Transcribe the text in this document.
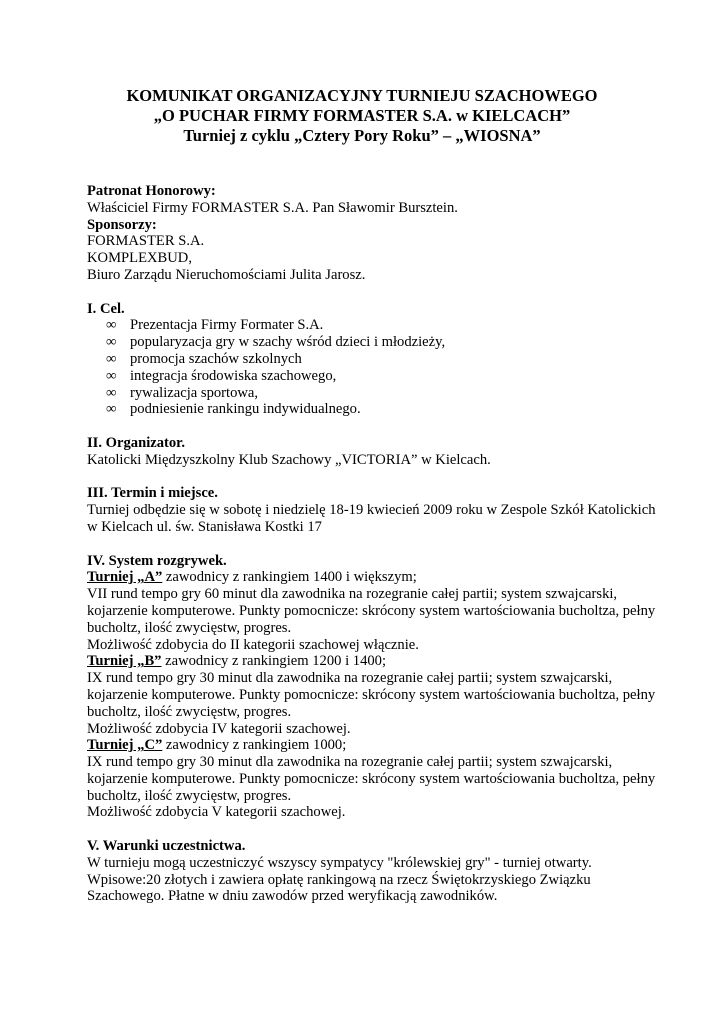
KOMUNIKAT ORGANIZACYJNY TURNIEJU SZACHOWEGO
„O PUCHAR FIRMY FORMASTER S.A. w KIELCACH”
Turniej z cyklu „Cztery Pory Roku” – „WIOSNA”
Patronat Honorowy:
Właściciel Firmy FORMASTER S.A. Pan Sławomir Bursztein.
Sponsorzy:
FORMASTER S.A.
KOMPLEXBUD,
Biuro Zarządu Nieruchomościami Julita Jarosz.
I. Cel.
∞ Prezentacja Firmy Formater S.A.
∞ popularyzacja gry w szachy wśród dzieci i młodzieży,
∞ promocja szachów szkolnych
∞ integracja środowiska szachowego,
∞ rywalizacja sportowa,
∞ podniesienie rankingu indywidualnego.
II. Organizator.
Katolicki Międzyszkolny Klub Szachowy „VICTORIA” w Kielcach.
III. Termin i miejsce.
Turniej odbędzie się w sobotę i niedzielę 18-19 kwiecień 2009 roku w Zespole Szkół Katolickich
w Kielcach ul. św. Stanisława Kostki 17
IV. System rozgrywek.
Turniej „A” zawodnicy z rankingiem 1400 i większym;
VII rund tempo gry 60 minut dla zawodnika na rozegranie całej partii; system szwajcarski,
kojarzenie komputerowe. Punkty pomocnicze: skrócony system wartościowania bucholtza, pełny
bucholtz, ilość zwycięstw, progres.
Możliwość zdobycia do II kategorii szachowej włącznie.
Turniej „B” zawodnicy z rankingiem 1200 i 1400;
IX rund tempo gry 30 minut dla zawodnika na rozegranie całej partii; system szwajcarski,
kojarzenie komputerowe. Punkty pomocnicze: skrócony system wartościowania bucholtza, pełny
bucholtz, ilość zwycięstw, progres.
Możliwość zdobycia IV kategorii szachowej.
Turniej „C” zawodnicy z rankingiem 1000;
IX rund tempo gry 30 minut dla zawodnika na rozegranie całej partii; system szwajcarski,
kojarzenie komputerowe. Punkty pomocnicze: skrócony system wartościowania bucholtza, pełny
bucholtz, ilość zwycięstw, progres.
Możliwość zdobycia V kategorii szachowej.
V. Warunki uczestnictwa.
W turnieju mogą uczestniczyć wszyscy sympatycy "królewskiej gry" - turniej otwarty.
Wpisowe:20 złotych i zawiera opłatę rankingową na rzecz Świętokrzyskiego Związku
Szachowego. Płatne w dniu zawodów przed weryfikacją zawodników.
